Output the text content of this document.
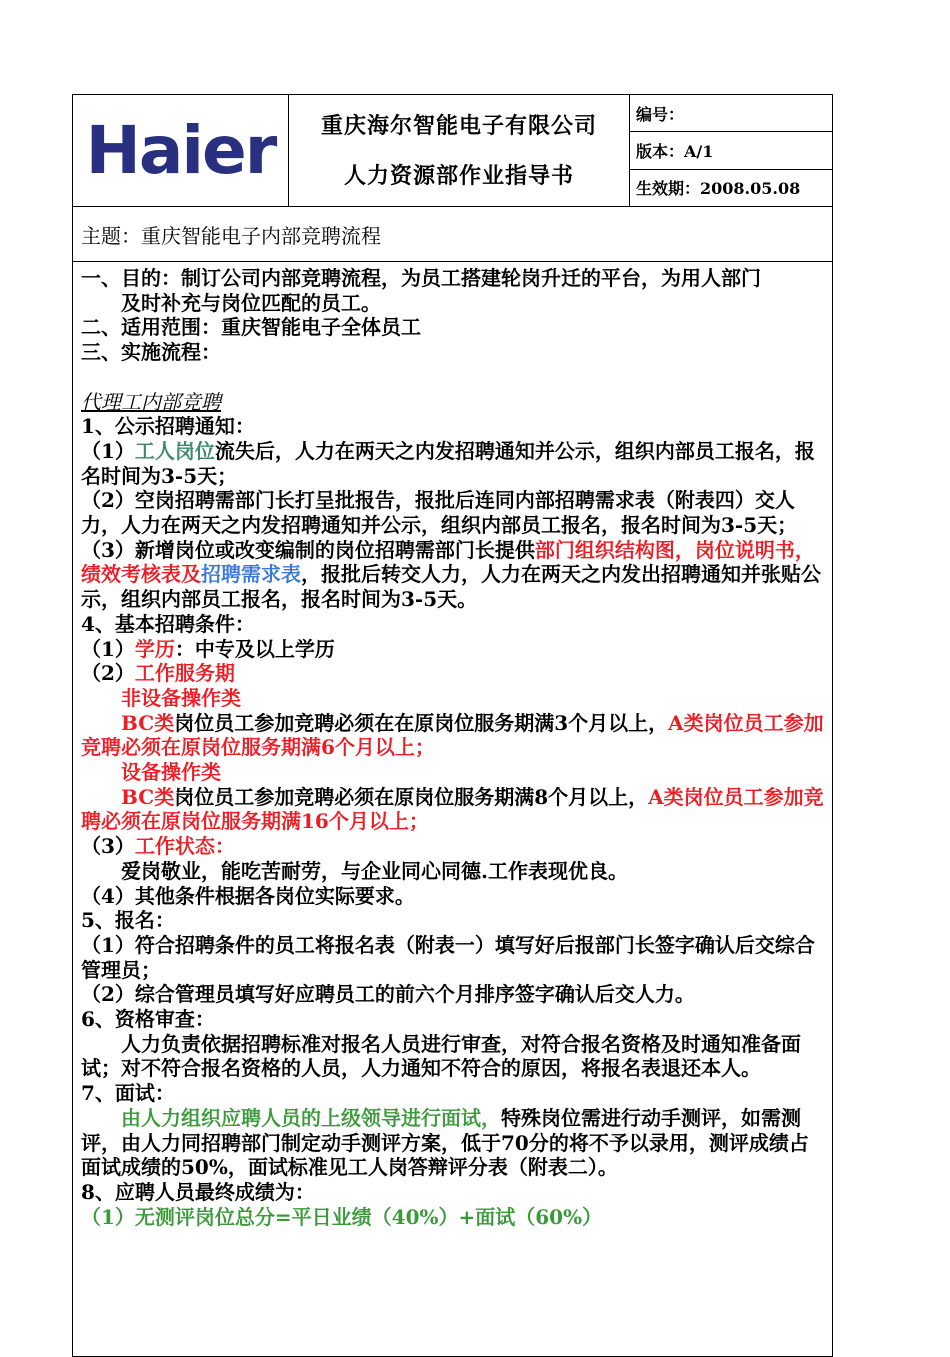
Haier 重庆海尔智能电子有限公司
人力资源部作业指导书
编号：
版本：A/1
生效期：2008.05.08
主题：重庆智能电子内部竞聘流程

一、目的：制订公司内部竞聘流程，为员工搭建轮岗升迁的平台，为用人部门

及时补充与岗位匹配的员工。

二、适用范围：重庆智能电子全体员工

三、实施流程：

代理工内部竞聘

1、公示招聘通知：

（1）工人岗位流失后，人力在两天之内发招聘通知并公示，组织内部员工报名，报名时间为3-5天；

（2）空岗招聘需部门长打呈批报告，报批后连同内部招聘需求表（附表四）交人力，人力在两天之内发招聘通知并公示，组织内部员工报名，报名时间为3-5天；

（3）新增岗位或改变编制的岗位招聘需部门长提供部门组织结构图，岗位说明书，绩效考核表及招聘需求表，报批后转交人力，人力在两天之内发出招聘通知并张贴公示，组织内部员工报名，报名时间为3-5天。

4、基本招聘条件：

（1）学历：中专及以上学历

（2）工作服务期

非设备操作类

BC类岗位员工参加竞聘必须在在原岗位服务期满3个月以上，A类岗位员工参加竞聘必须在原岗位服务期满6个月以上；

设备操作类

BC类岗位员工参加竞聘必须在原岗位服务期满8个月以上，A类岗位员工参加竞聘必须在原岗位服务期满16个月以上；

（3）工作状态：

爱岗敬业，能吃苦耐劳，与企业同心同德.工作表现优良。

（4）其他条件根据各岗位实际要求。

5、报名：

（1）符合招聘条件的员工将报名表（附表一）填写好后报部门长签字确认后交综合管理员；

（2）综合管理员填写好应聘员工的前六个月排序签字确认后交人力。

6、资格审查：

人力负责依据招聘标准对报名人员进行审查，对符合报名资格及时通知准备面试；对不符合报名资格的人员，人力通知不符合的原因，将报名表退还本人。

7、面试：

由人力组织应聘人员的上级领导进行面试，特殊岗位需进行动手测评，如需测评，由人力同招聘部门制定动手测评方案，低于70分的将不予以录用，测评成绩占面试成绩的50%，面试标准见工人岗答辩评分表（附表二）。

8、应聘人员最终成绩为：

（1）无测评岗位总分=平日业绩（40%）+面试（60%）
